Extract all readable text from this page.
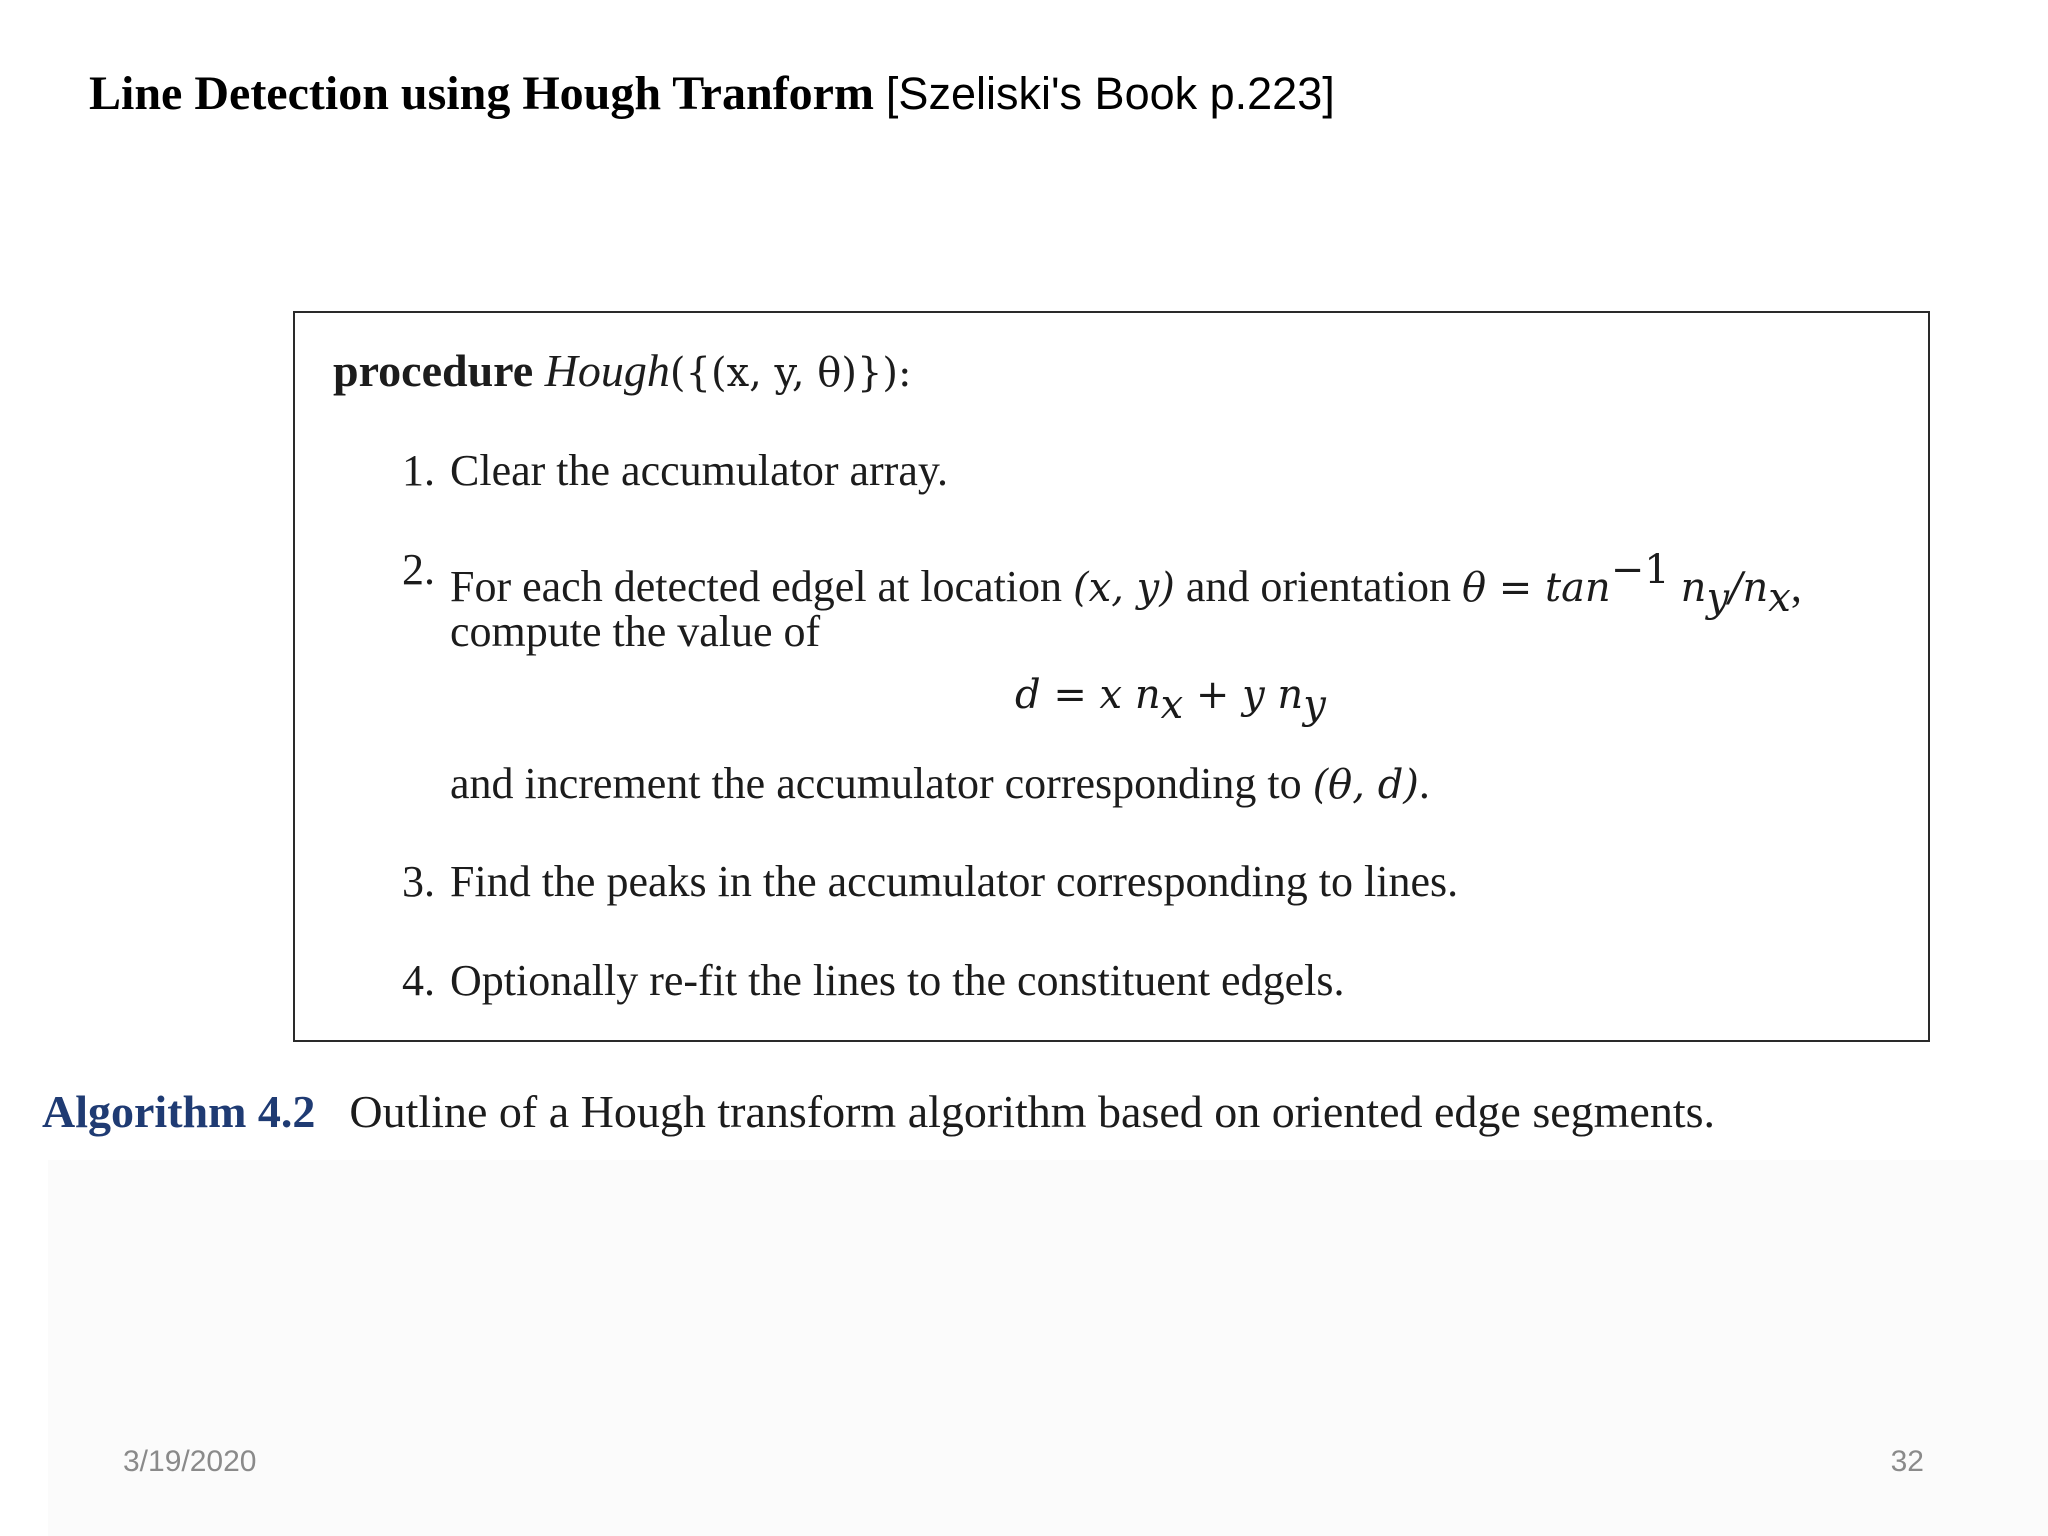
Line Detection using Hough Tranform [Szeliski's Book p.223]
procedure Hough({(x, y, θ)}):
1. Clear the accumulator array.
2. For each detected edgel at location (x, y) and orientation $\theta = \tan^{-1} n_y/n_x$,
compute the value of
d = x $n_x + y$ $n_y$
and increment the accumulator corresponding to (θ, d).
3. Find the peaks in the accumulator corresponding to lines.
4. Optionally re-fit the lines to the constituent edgels.
Algorithm 4.2 Outline of a Hough transform algorithm based on oriented edge segments.
3/19/2020	32
